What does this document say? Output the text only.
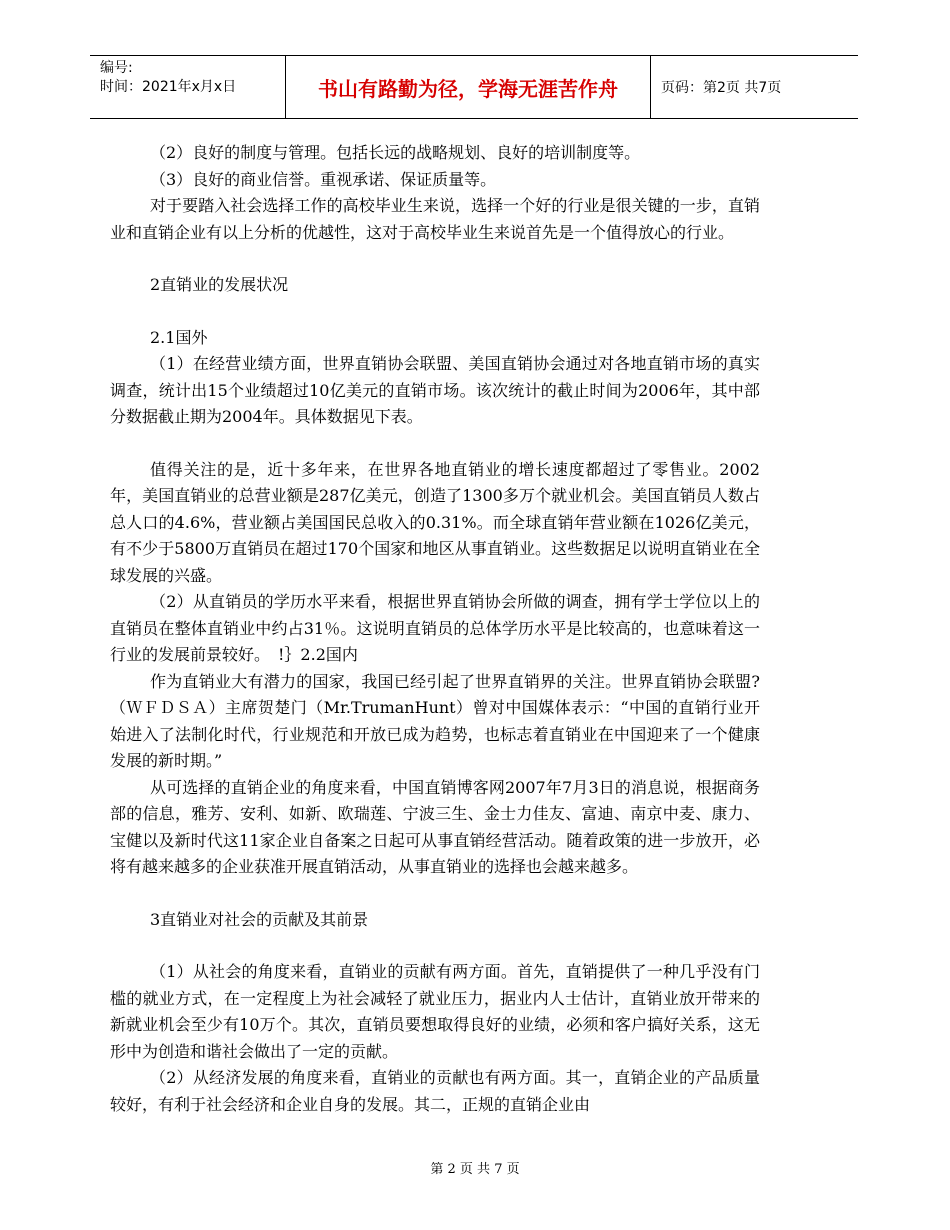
编号:
时间：2021年x月x日	书山有路勤为径，学海无涯苦作舟	页码：第2页 共7页

（2）良好的制度与管理。包括长远的战略规划、良好的培训制度等。

（3）良好的商业信誉。重视承诺、保证质量等。

对于要踏入社会选择工作的高校毕业生来说，选择一个好的行业是很关键的一步，直销业和直销企业有以上分析的优越性，这对于高校毕业生来说首先是一个值得放心的行业。

2直销业的发展状况

2.1国外

（1）在经营业绩方面，世界直销协会联盟、美国直销协会通过对各地直销市场的真实调查，统计出15个业绩超过10亿美元的直销市场。该次统计的截止时间为2006年，其中部分数据截止期为2004年。具体数据见下表。

值得关注的是，近十多年来，在世界各地直销业的增长速度都超过了零售业。2002年，美国直销业的总营业额是287亿美元，创造了1300多万个就业机会。美国直销员人数占总人口的4.6%，营业额占美国国民总收入的0.31%。而全球直销年营业额在1026亿美元，有不少于5800万直销员在超过170个国家和地区从事直销业。这些数据足以说明直销业在全球发展的兴盛。

（2）从直销员的学历水平来看，根据世界直销协会所做的调查，拥有学士学位以上的直销员在整体直销业中约占31％。这说明直销员的总体学历水平是比较高的，也意味着这一行业的发展前景较好。　!｝2.2国内

作为直销业大有潜力的国家，我国已经引起了世界直销界的关注。世界直销协会联盟?（ＷＦＤＳＡ）主席贺楚门（Mr.TrumanHunt）曾对中国媒体表示：“中国的直销行业开始进入了法制化时代，行业规范和开放已成为趋势，也标志着直销业在中国迎来了一个健康发展的新时期。”

从可选择的直销企业的角度来看，中国直销博客网2007年7月3日的消息说，根据商务部的信息，雅芳、安利、如新、欧瑞莲、宁波三生、金士力佳友、富迪、南京中麦、康力、宝健以及新时代这11家企业自备案之日起可从事直销经营活动。随着政策的进一步放开，必将有越来越多的企业获准开展直销活动，从事直销业的选择也会越来越多。

3直销业对社会的贡献及其前景

（1）从社会的角度来看，直销业的贡献有两方面。首先，直销提供了一种几乎没有门槛的就业方式，在一定程度上为社会减轻了就业压力，据业内人士估计，直销业放开带来的新就业机会至少有10万个。其次，直销员要想取得良好的业绩，必须和客户搞好关系，这无形中为创造和谐社会做出了一定的贡献。

（2）从经济发展的角度来看，直销业的贡献也有两方面。其一，直销企业的产品质量较好，有利于社会经济和企业自身的发展。其二，正规的直销企业由

第 2 页 共 7 页
